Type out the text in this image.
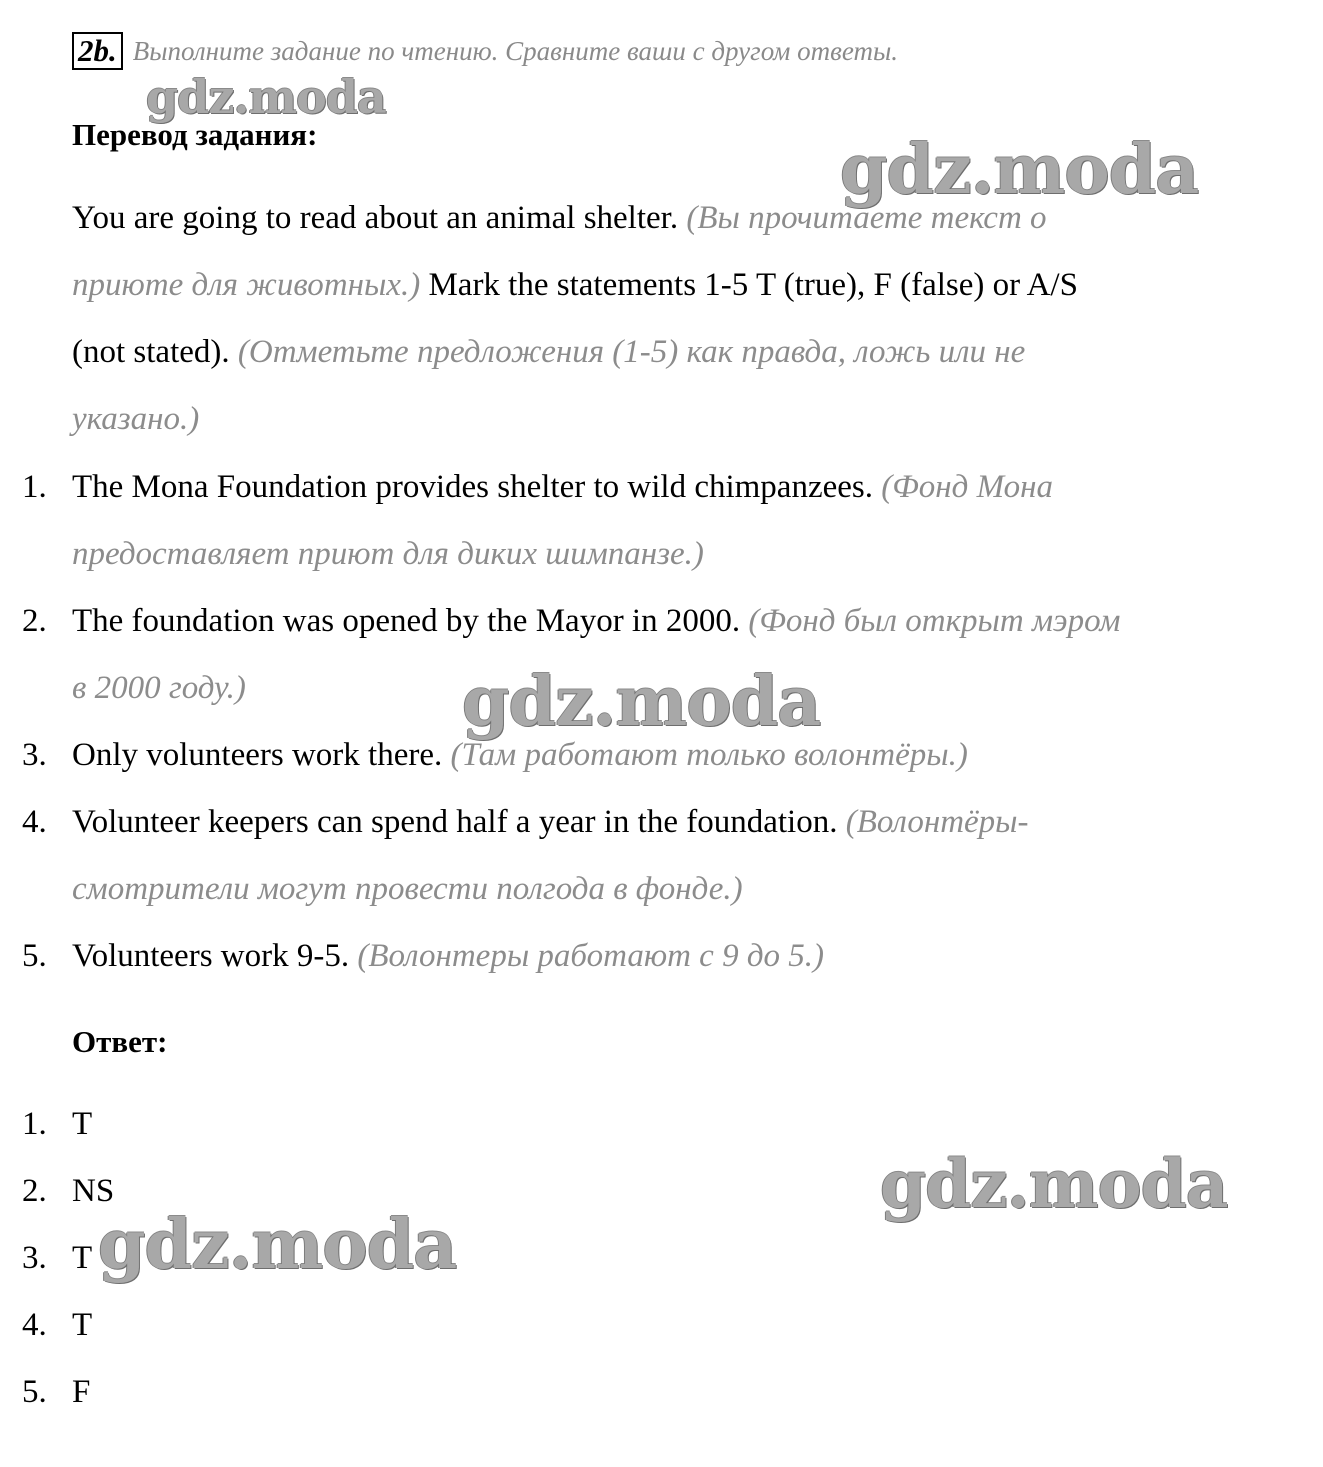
2b. Выполните задание по чтению. Сравните ваши с другом ответы.
Перевод задания:
You are going to read about an animal shelter. (Вы прочитаете текст о
приюте для животных.) Mark the statements 1-5 T (true), F (false) or A/S
(not stated). (Отметьте предложения (1-5) как правда, ложь или не
указано.)
1. The Mona Foundation provides shelter to wild chimpanzees. (Фонд Мона
предоставляет приют для диких шимпанзе.)
2. The foundation was opened by the Mayor in 2000. (Фонд был открыт мэром
в 2000 году.)
3. Only volunteers work there. (Там работают только волонтёры.)
4. Volunteer keepers can spend half a year in the foundation. (Волонтёры-
смотрители могут провести полгода в фонде.)
5. Volunteers work 9-5. (Волонтеры работают с 9 до 5.)
Ответ:
1. T
2. NS
3. T
4. T
5. F
gdz.moda
gdz.moda
gdz.moda
gdz.moda
gdz.moda
